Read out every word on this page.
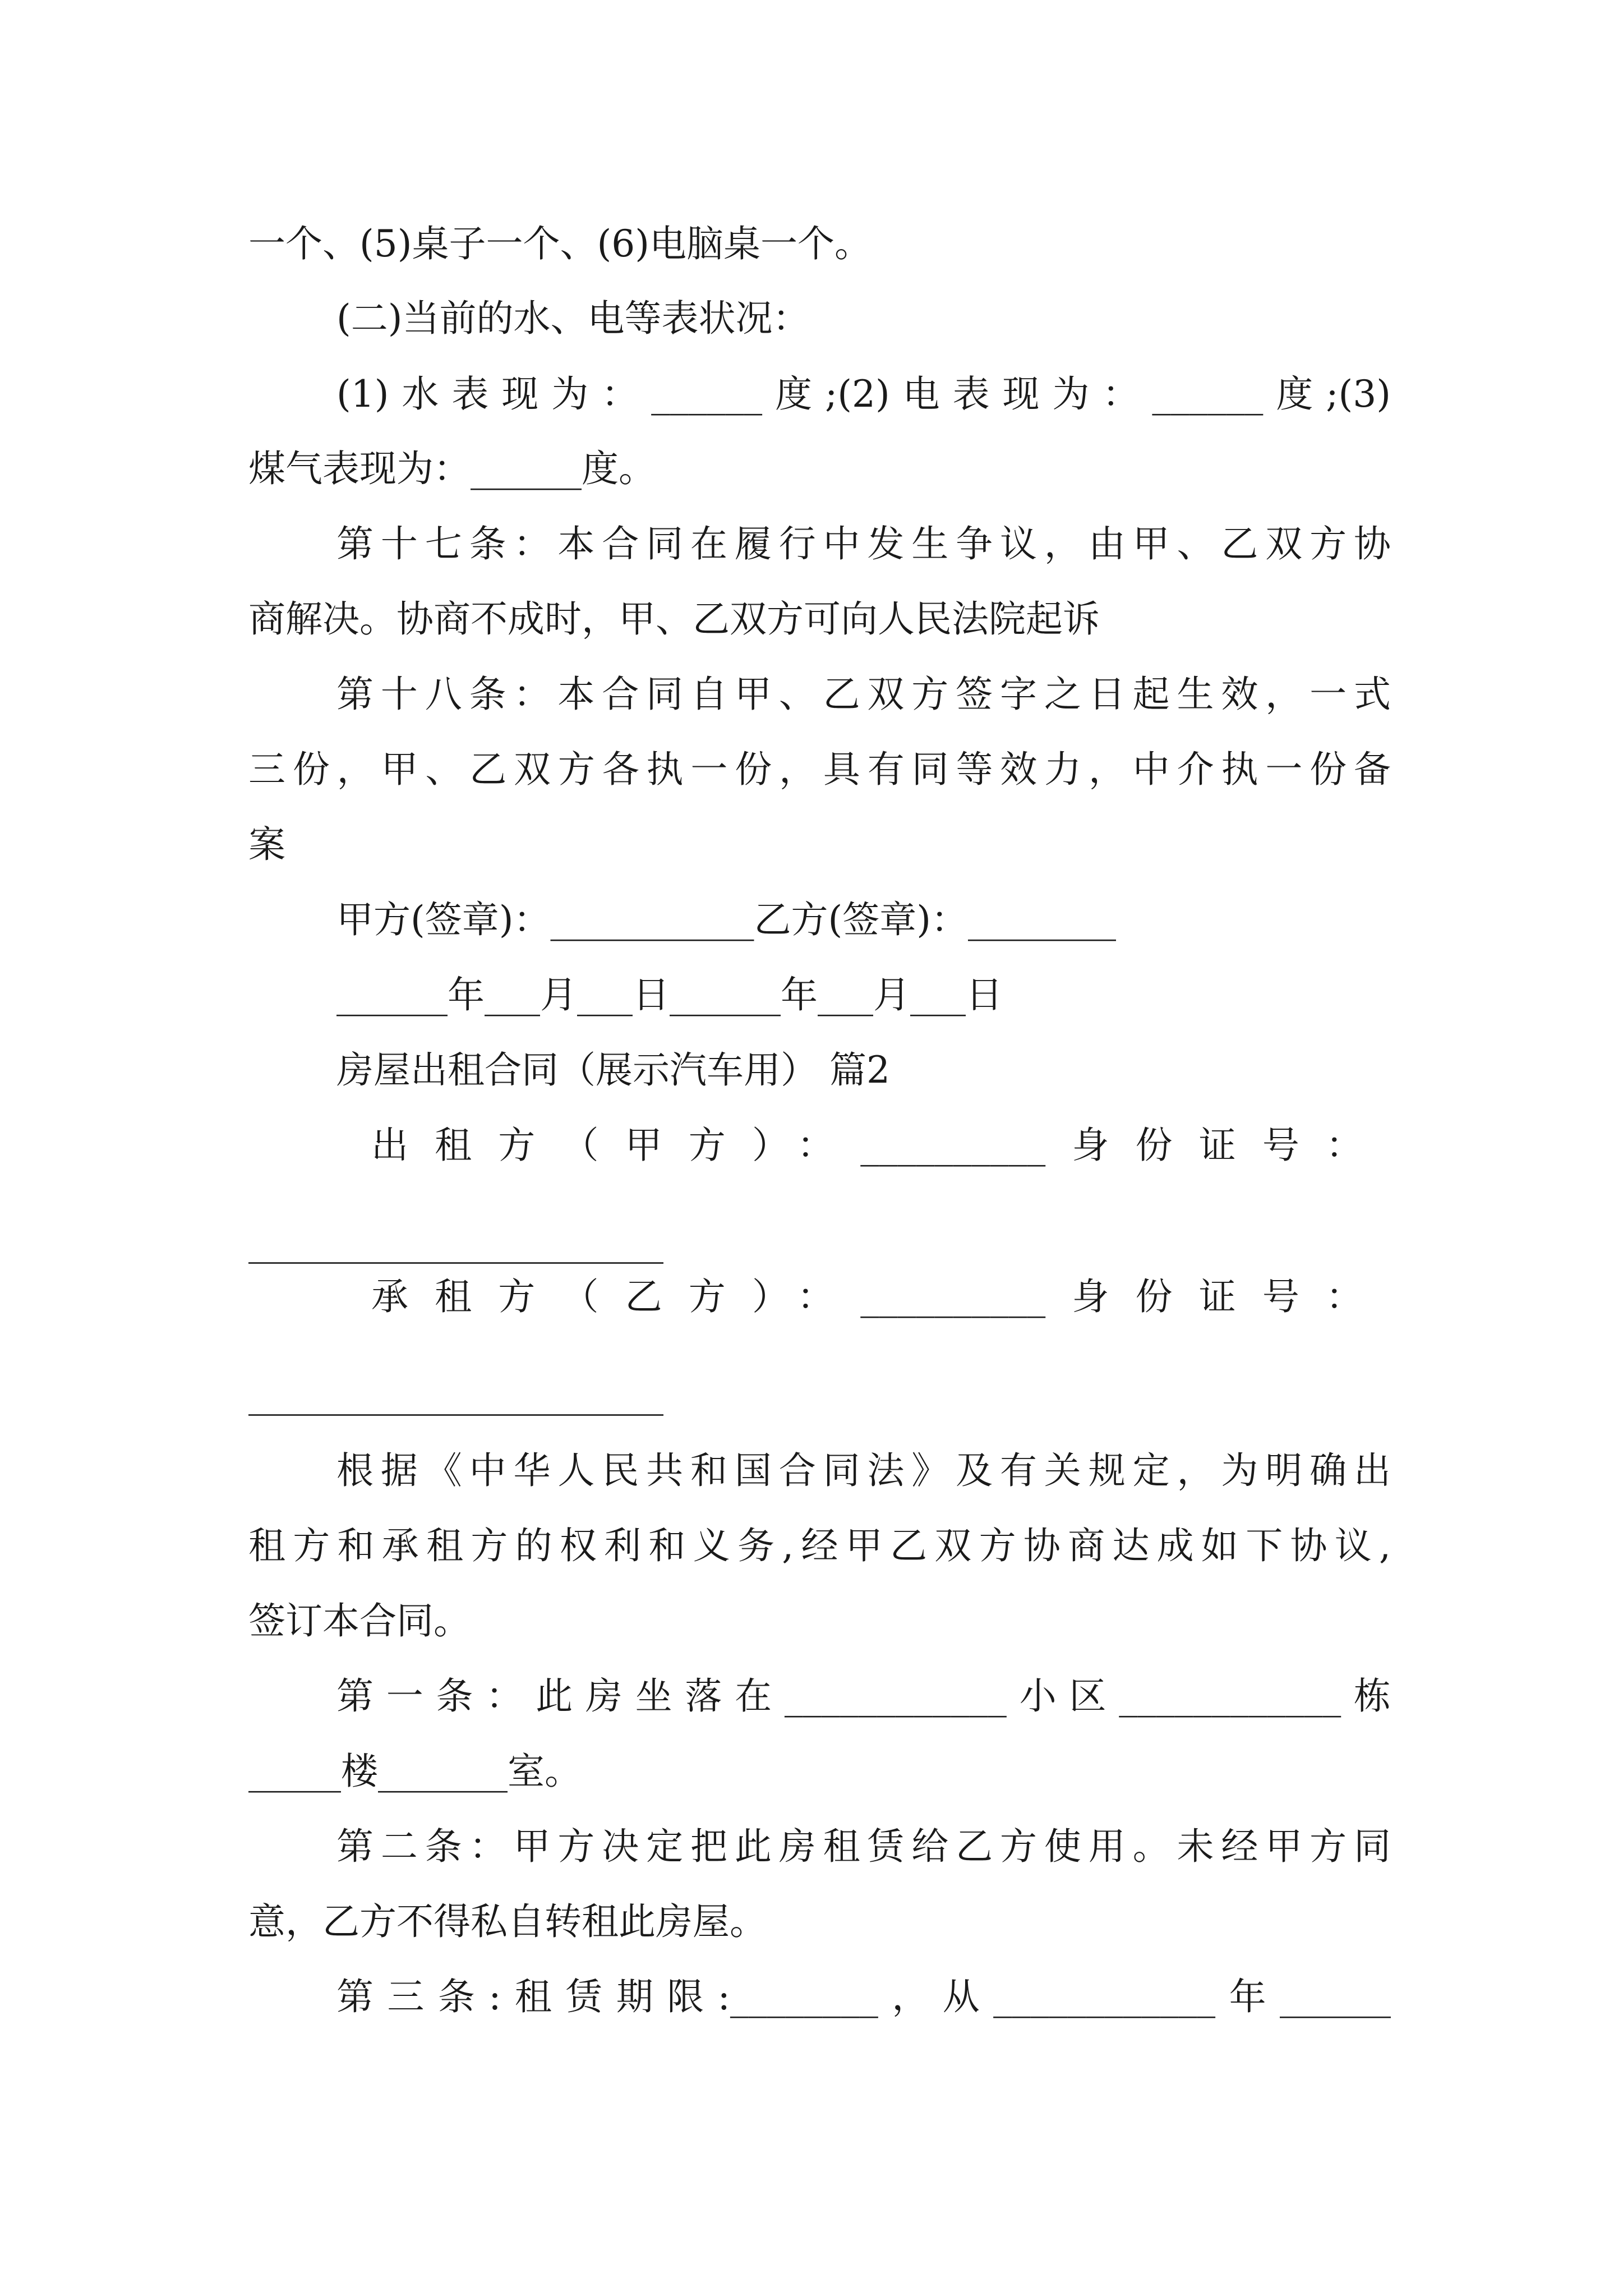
一个、(5)桌子一个、(6)电脑桌一个。
(二)当前的水、电等表状况：
(1)水表现为：______度;(2)电表现为：______度;(3)
煤气表现为：______度。
第十七条：本合同在履行中发生争议，由甲、乙双方协
商解决。协商不成时，甲、乙双方可向人民法院起诉
第十八条：本合同自甲、乙双方签字之日起生效，一式
三份，甲、乙双方各执一份，具有同等效力，中介执一份备
案
甲方(签章)：___________乙方(签章)：________
______年___月___日______年___月___日
房屋出租合同（展示汽车用） 篇2
出租方（甲方）：__________身份证号：
承租方（乙方）：__________身份证号：
根据《中华人民共和国合同法》及有关规定，为明确出
租方和承租方的权利和义务,经甲乙双方协商达成如下协议,
签订本合同。
第一条：此房坐落在____________小区____________栋
_____楼_______室。
第二条：甲方决定把此房租赁给乙方使用。未经甲方同
意，乙方不得私自转租此房屋。
第三条:租赁期限:________，从____________年______
